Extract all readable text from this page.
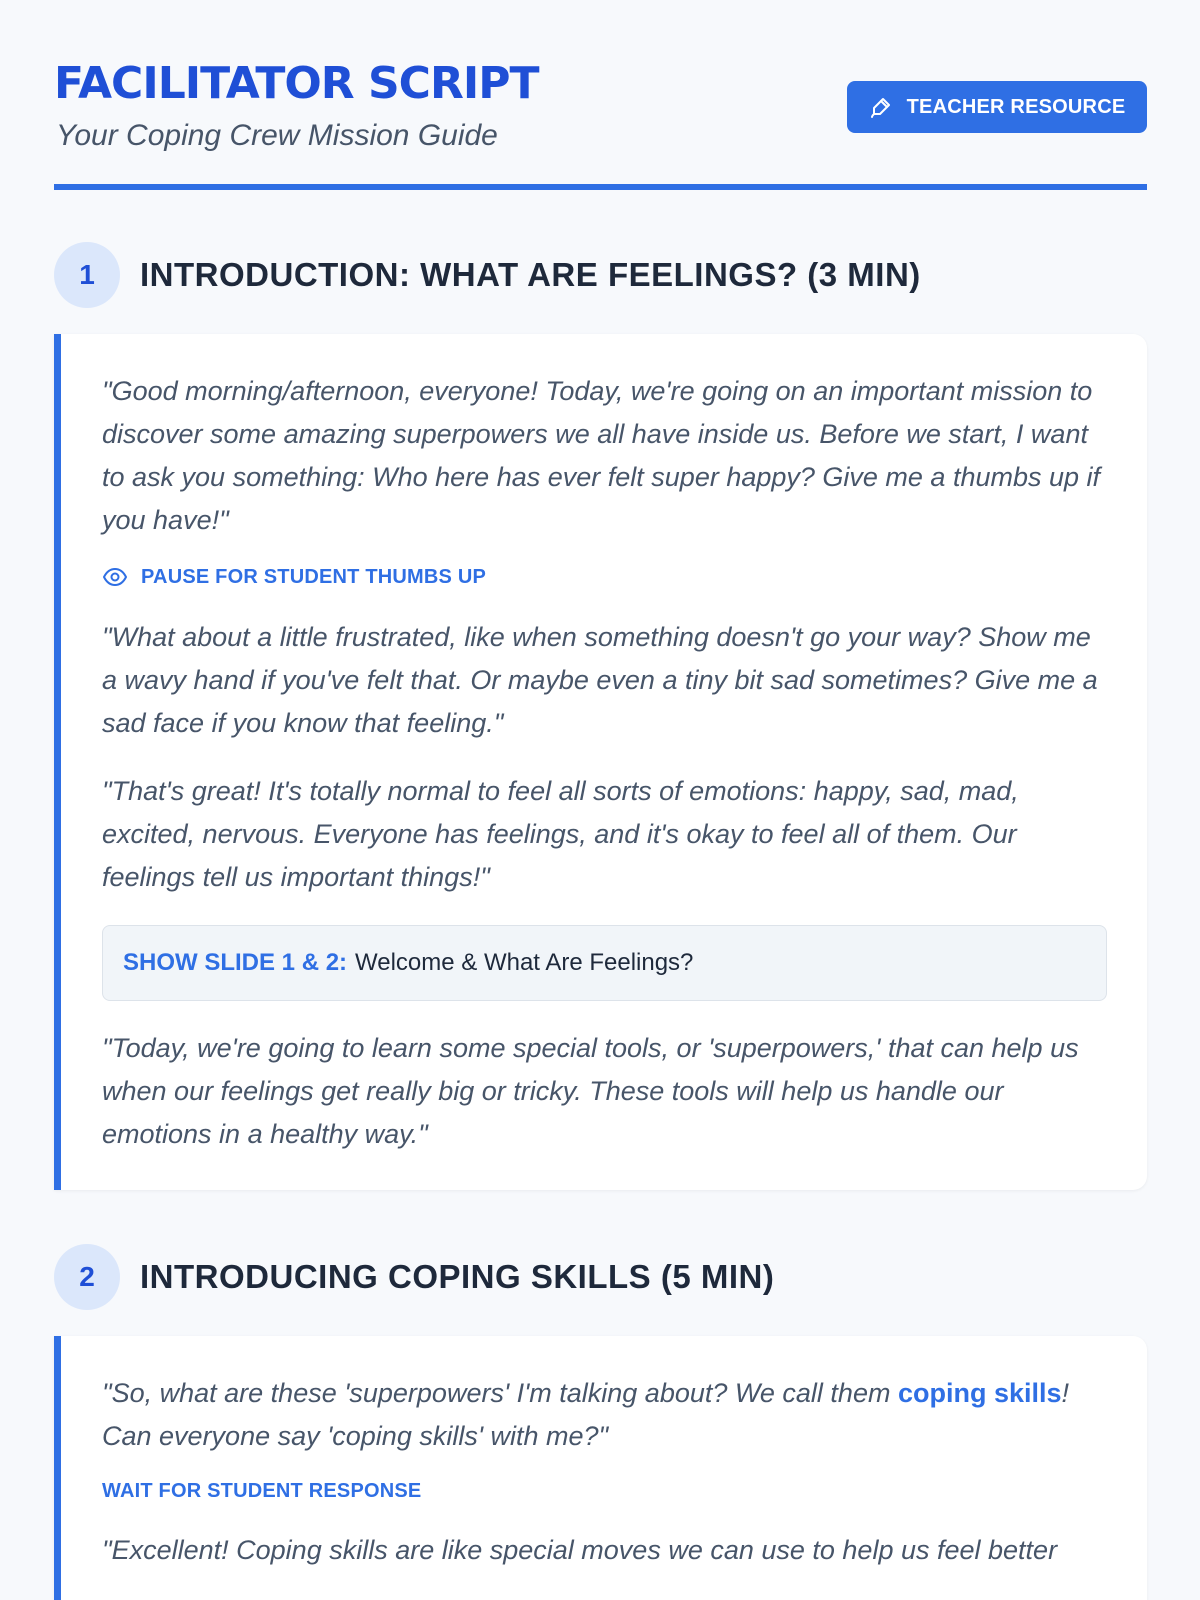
FACILITATOR SCRIPT

Your Coping Crew Mission Guide

TEACHER RESOURCE
1	INTRODUCTION: WHAT ARE FEELINGS? (3 MIN)

"Good morning/afternoon, everyone! Today, we're going on an important mission to discover some amazing superpowers we all have inside us. Before we start, I want to ask you something: Who here has ever felt super happy? Give me a thumbs up if you have!"

PAUSE FOR STUDENT THUMBS UP

"What about a little frustrated, like when something doesn't go your way? Show me a wavy hand if you've felt that. Or maybe even a tiny bit sad sometimes? Give me a sad face if you know that feeling."

"That's great! It's totally normal to feel all sorts of emotions: happy, sad, mad, excited, nervous. Everyone has feelings, and it's okay to feel all of them. Our feelings tell us important things!"

SHOW SLIDE 1 & 2: Welcome & What Are Feelings?

"Today, we're going to learn some special tools, or 'superpowers,' that can help us when our feelings get really big or tricky. These tools will help us handle our emotions in a healthy way."

2	INTRODUCING COPING SKILLS (5 MIN)

"So, what are these 'superpowers' I'm talking about? We call them coping skills! Can everyone say 'coping skills' with me?"

WAIT FOR STUDENT RESPONSE

"Excellent! Coping skills are like special moves we can use to help us feel better
